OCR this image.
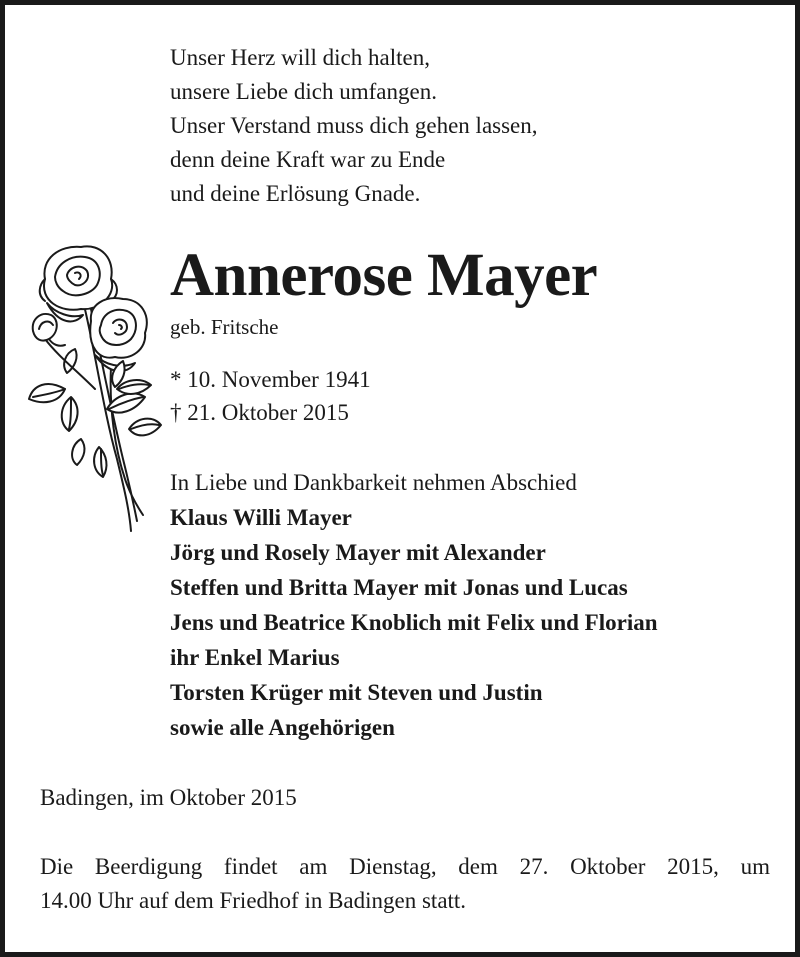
Unser Herz will dich halten,
unsere Liebe dich umfangen.
Unser Verstand muss dich gehen lassen,
denn deine Kraft war zu Ende
und deine Erlösung Gnade.
Annerose Mayer
geb. Fritsche
* 10. November 1941
† 21. Oktober 2015
In Liebe und Dankbarkeit nehmen Abschied
Klaus Willi Mayer
Jörg und Rosely Mayer mit Alexander
Steffen und Britta Mayer mit Jonas und Lucas
Jens und Beatrice Knoblich mit Felix und Florian
ihr Enkel Marius
Torsten Krüger mit Steven und Justin
sowie alle Angehörigen
Badingen, im Oktober 2015
Die Beerdigung findet am Dienstag, dem 27. Oktober 2015, um
14.00 Uhr auf dem Friedhof in Badingen statt.
